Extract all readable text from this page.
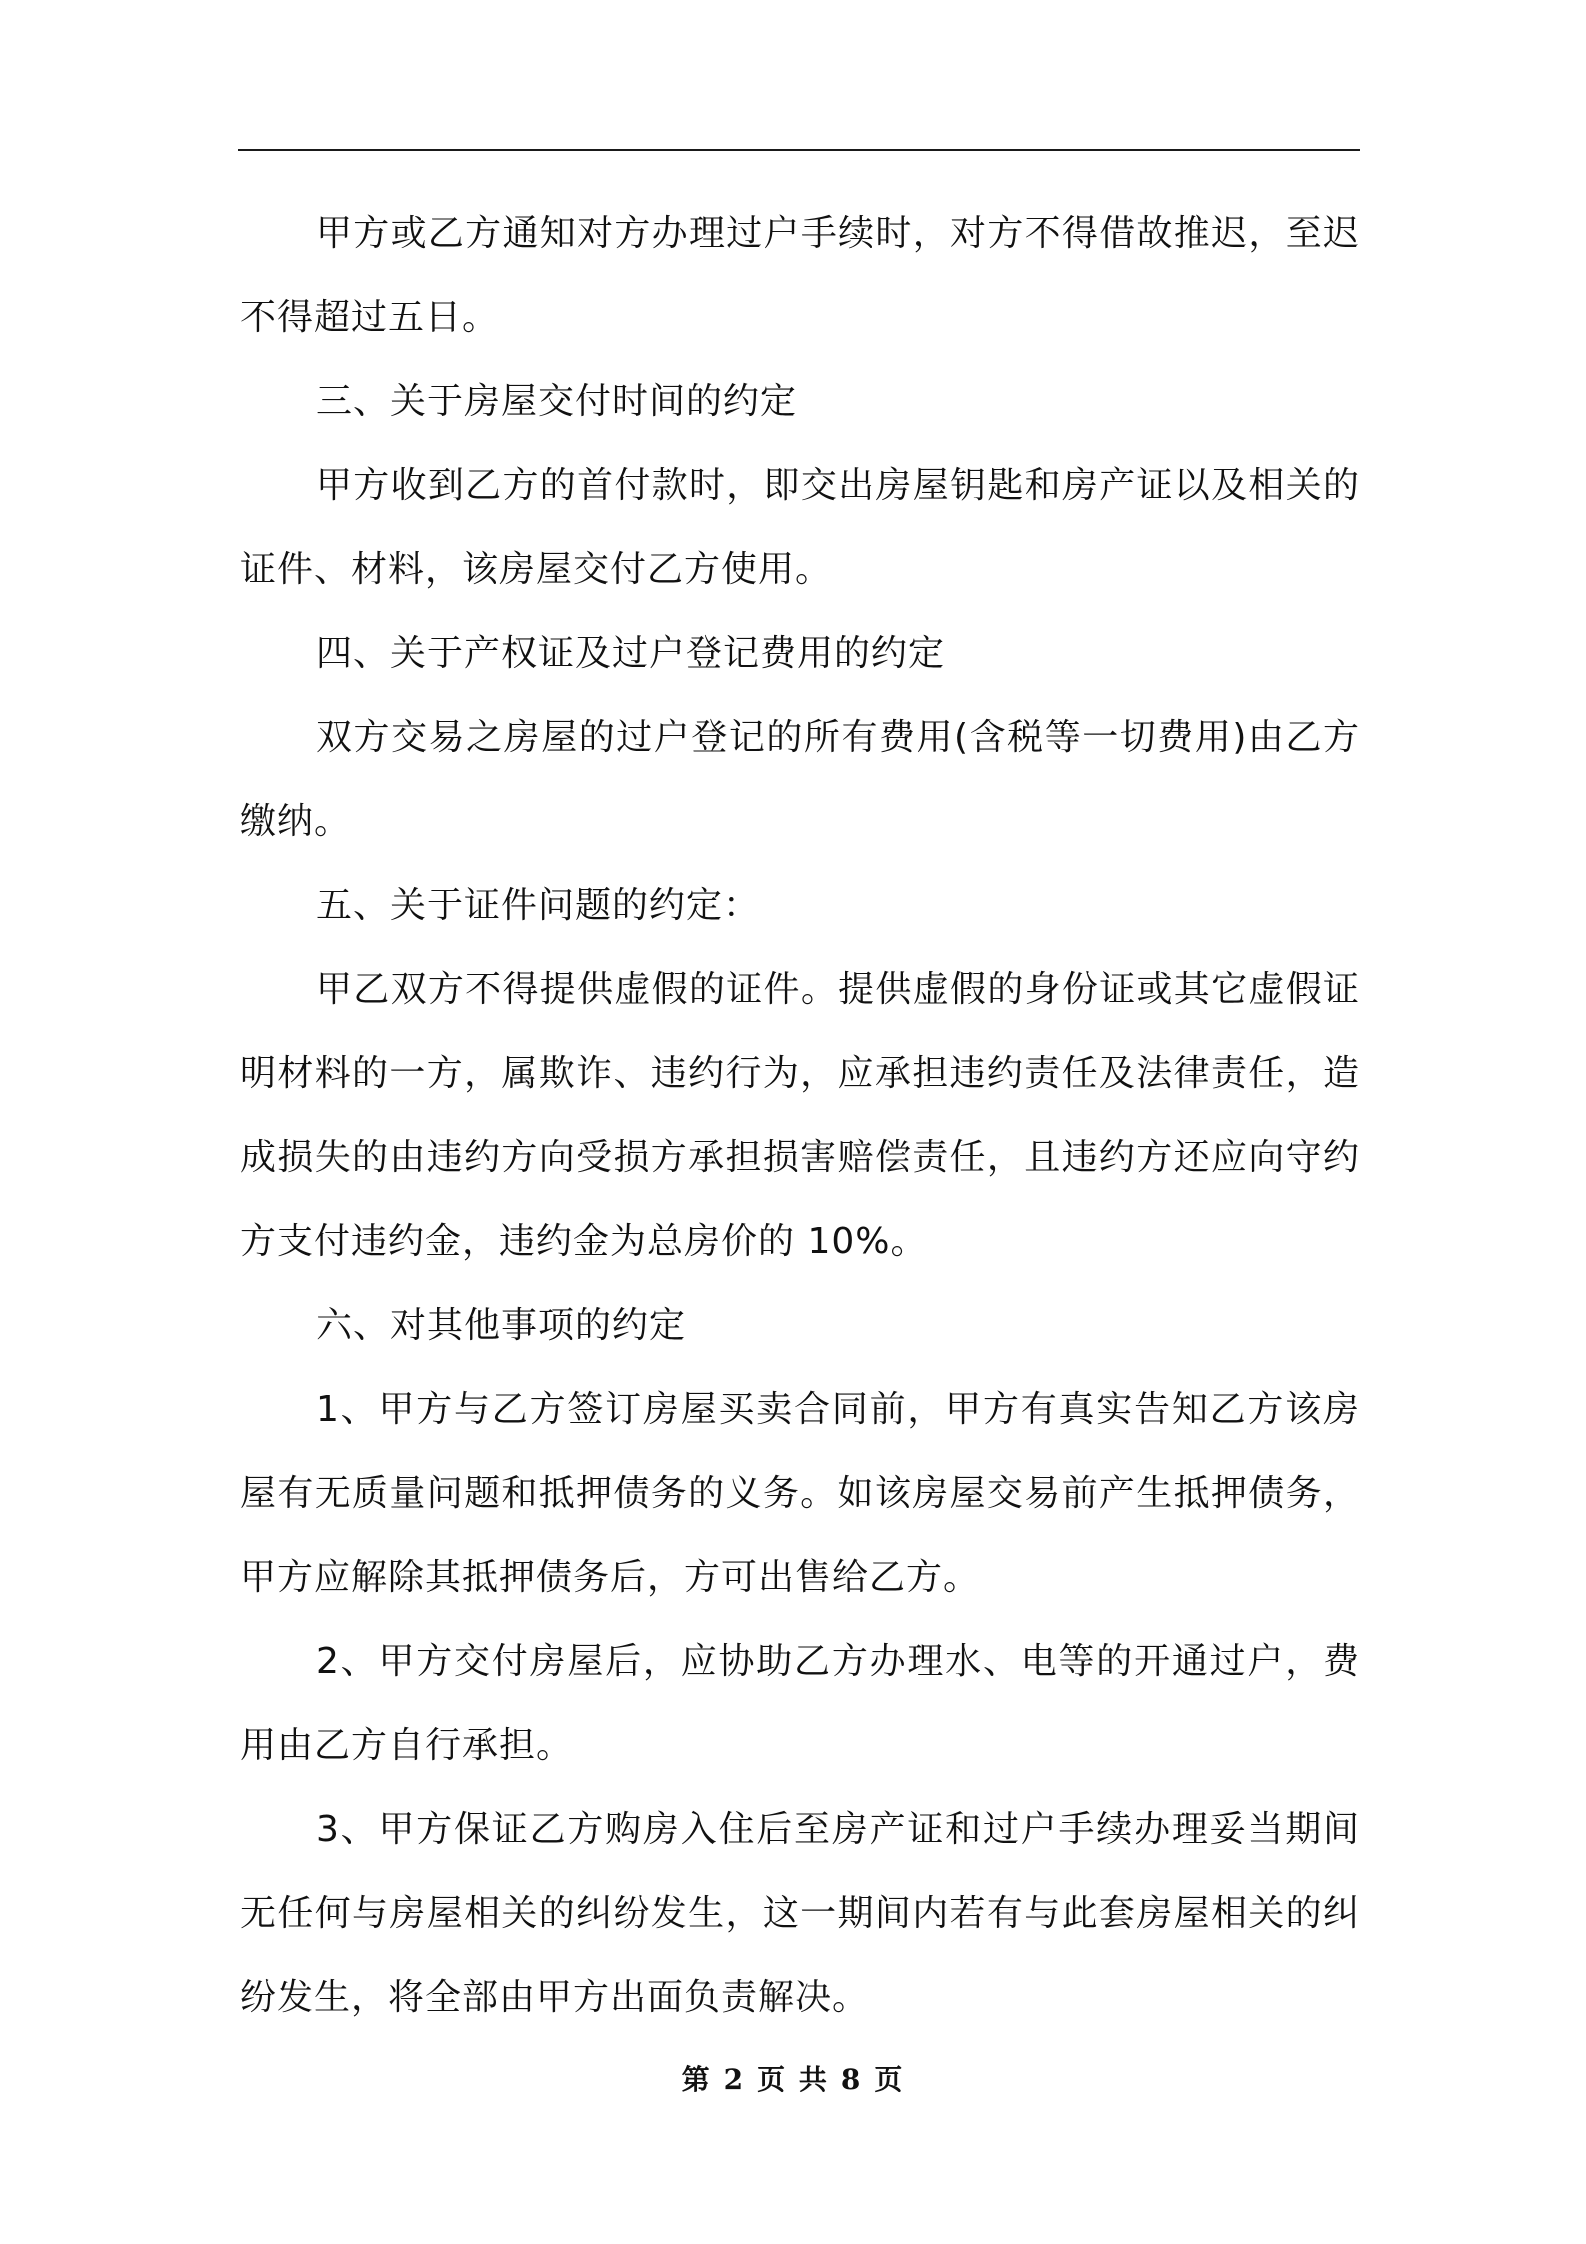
甲方或乙方通知对方办理过户手续时，对方不得借故推迟，至迟不得超过五日。

三、关于房屋交付时间的约定

甲方收到乙方的首付款时，即交出房屋钥匙和房产证以及相关的证件、材料，该房屋交付乙方使用。

四、关于产权证及过户登记费用的约定

双方交易之房屋的过户登记的所有费用(含税等一切费用)由乙方缴纳。

五、关于证件问题的约定：

甲乙双方不得提供虚假的证件。提供虚假的身份证或其它虚假证明材料的一方，属欺诈、违约行为，应承担违约责任及法律责任，造成损失的由违约方向受损方承担损害赔偿责任，且违约方还应向守约方支付违约金，违约金为总房价的 10%。

六、对其他事项的约定

1、甲方与乙方签订房屋买卖合同前，甲方有真实告知乙方该房屋有无质量问题和抵押债务的义务。如该房屋交易前产生抵押债务，甲方应解除其抵押债务后，方可出售给乙方。

2、甲方交付房屋后，应协助乙方办理水、电等的开通过户，费用由乙方自行承担。

3、甲方保证乙方购房入住后至房产证和过户手续办理妥当期间无任何与房屋相关的纠纷发生，这一期间内若有与此套房屋相关的纠纷发生，将全部由甲方出面负责解决。

第 2 页 共 8 页
